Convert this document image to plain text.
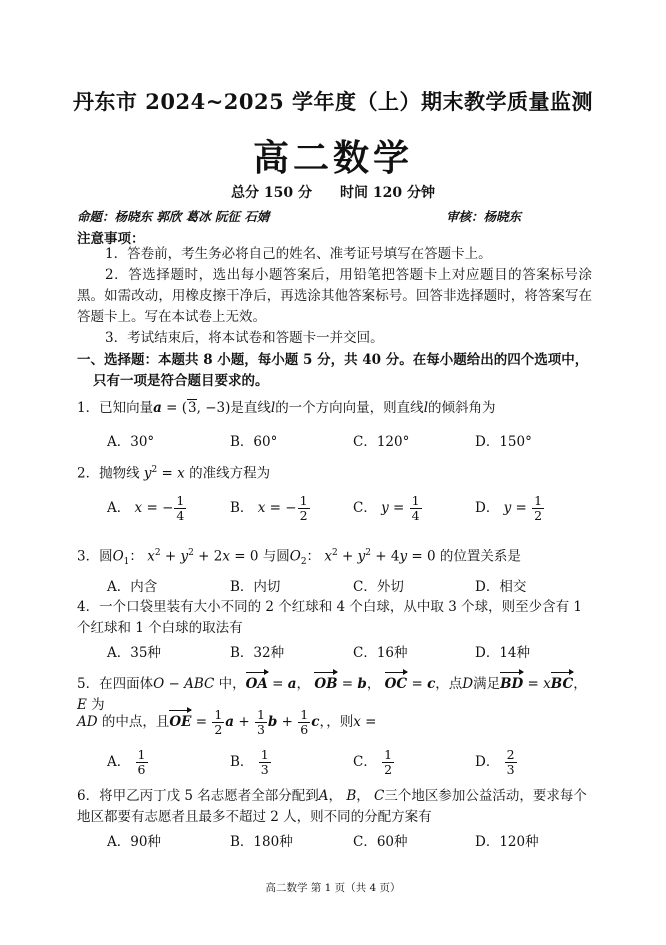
丹东市 2024~2025 学年度（上）期末教学质量监测
高二数学
总分 150 分 时间 120 分钟
命题：杨晓东 郭欣 葛冰 阮征 石婧	审核：杨晓东
注意事项：
1．答卷前，考生务必将自己的姓名、准考证号填写在答题卡上。
2．答选择题时，选出每小题答案后，用铅笔把答题卡上对应题目的答案标号涂黑。如需改动，用橡皮擦干净后，再选涂其他答案标号。回答非选择题时，将答案写在答题卡上。写在本试卷上无效。
3．考试结束后，将本试卷和答题卡一并交回。
一、选择题：本题共 8 小题，每小题 5 分，共 40 分。在每小题给出的四个选项中，
只有一项是符合题目要求的。
1．已知向量a = (3, −3)是直线l的一个方向向量，则直线l的倾斜角为
A．30°	B．60°	C．120°	D．150°
2．抛物线 $y^2 = x$ 的准线方程为
A． x = − $\frac{1}{4}$	B． x = − $\frac{1}{2}$	C． $y = \frac{1}{4}$	D． $y = \frac{1}{2}$
3．圆$O_1$： $x^2 + y^2 + 2x = 0$ 与圆$O_2$： $x^2 + y^2 + 4y = 0$ 的位置关系是
A．内含	B．内切	C．外切	D．相交
4．一个口袋里装有大小不同的 2 个红球和 4 个白球，从中取 3 个球，则至少含有 1 个红球和 1 个白球的取法有
A．35种	B．32种	C．16种	D．14种
5．在四面体O − ABC 中，OA = a， OB = b， OC = c，点D满足BD = xBC， E 为
AD 的中点，且OE = $\frac{1}{2}$ $a + \frac{1}{3}$ $b + \frac{1}{6}$ c，，则x =
A． $\frac{1}{6}$	B． $\frac{1}{3}$	C． $\frac{1}{2}$	D． $\frac{2}{3}$
6．将甲乙丙丁戊 5 名志愿者全部分配到A， B， C三个地区参加公益活动，要求每个地区都要有志愿者且最多不超过 2 人，则不同的分配方案有
A．90种	B．180种	C．60种	D．120种
高二数学 第 1 页（共 4 页）
